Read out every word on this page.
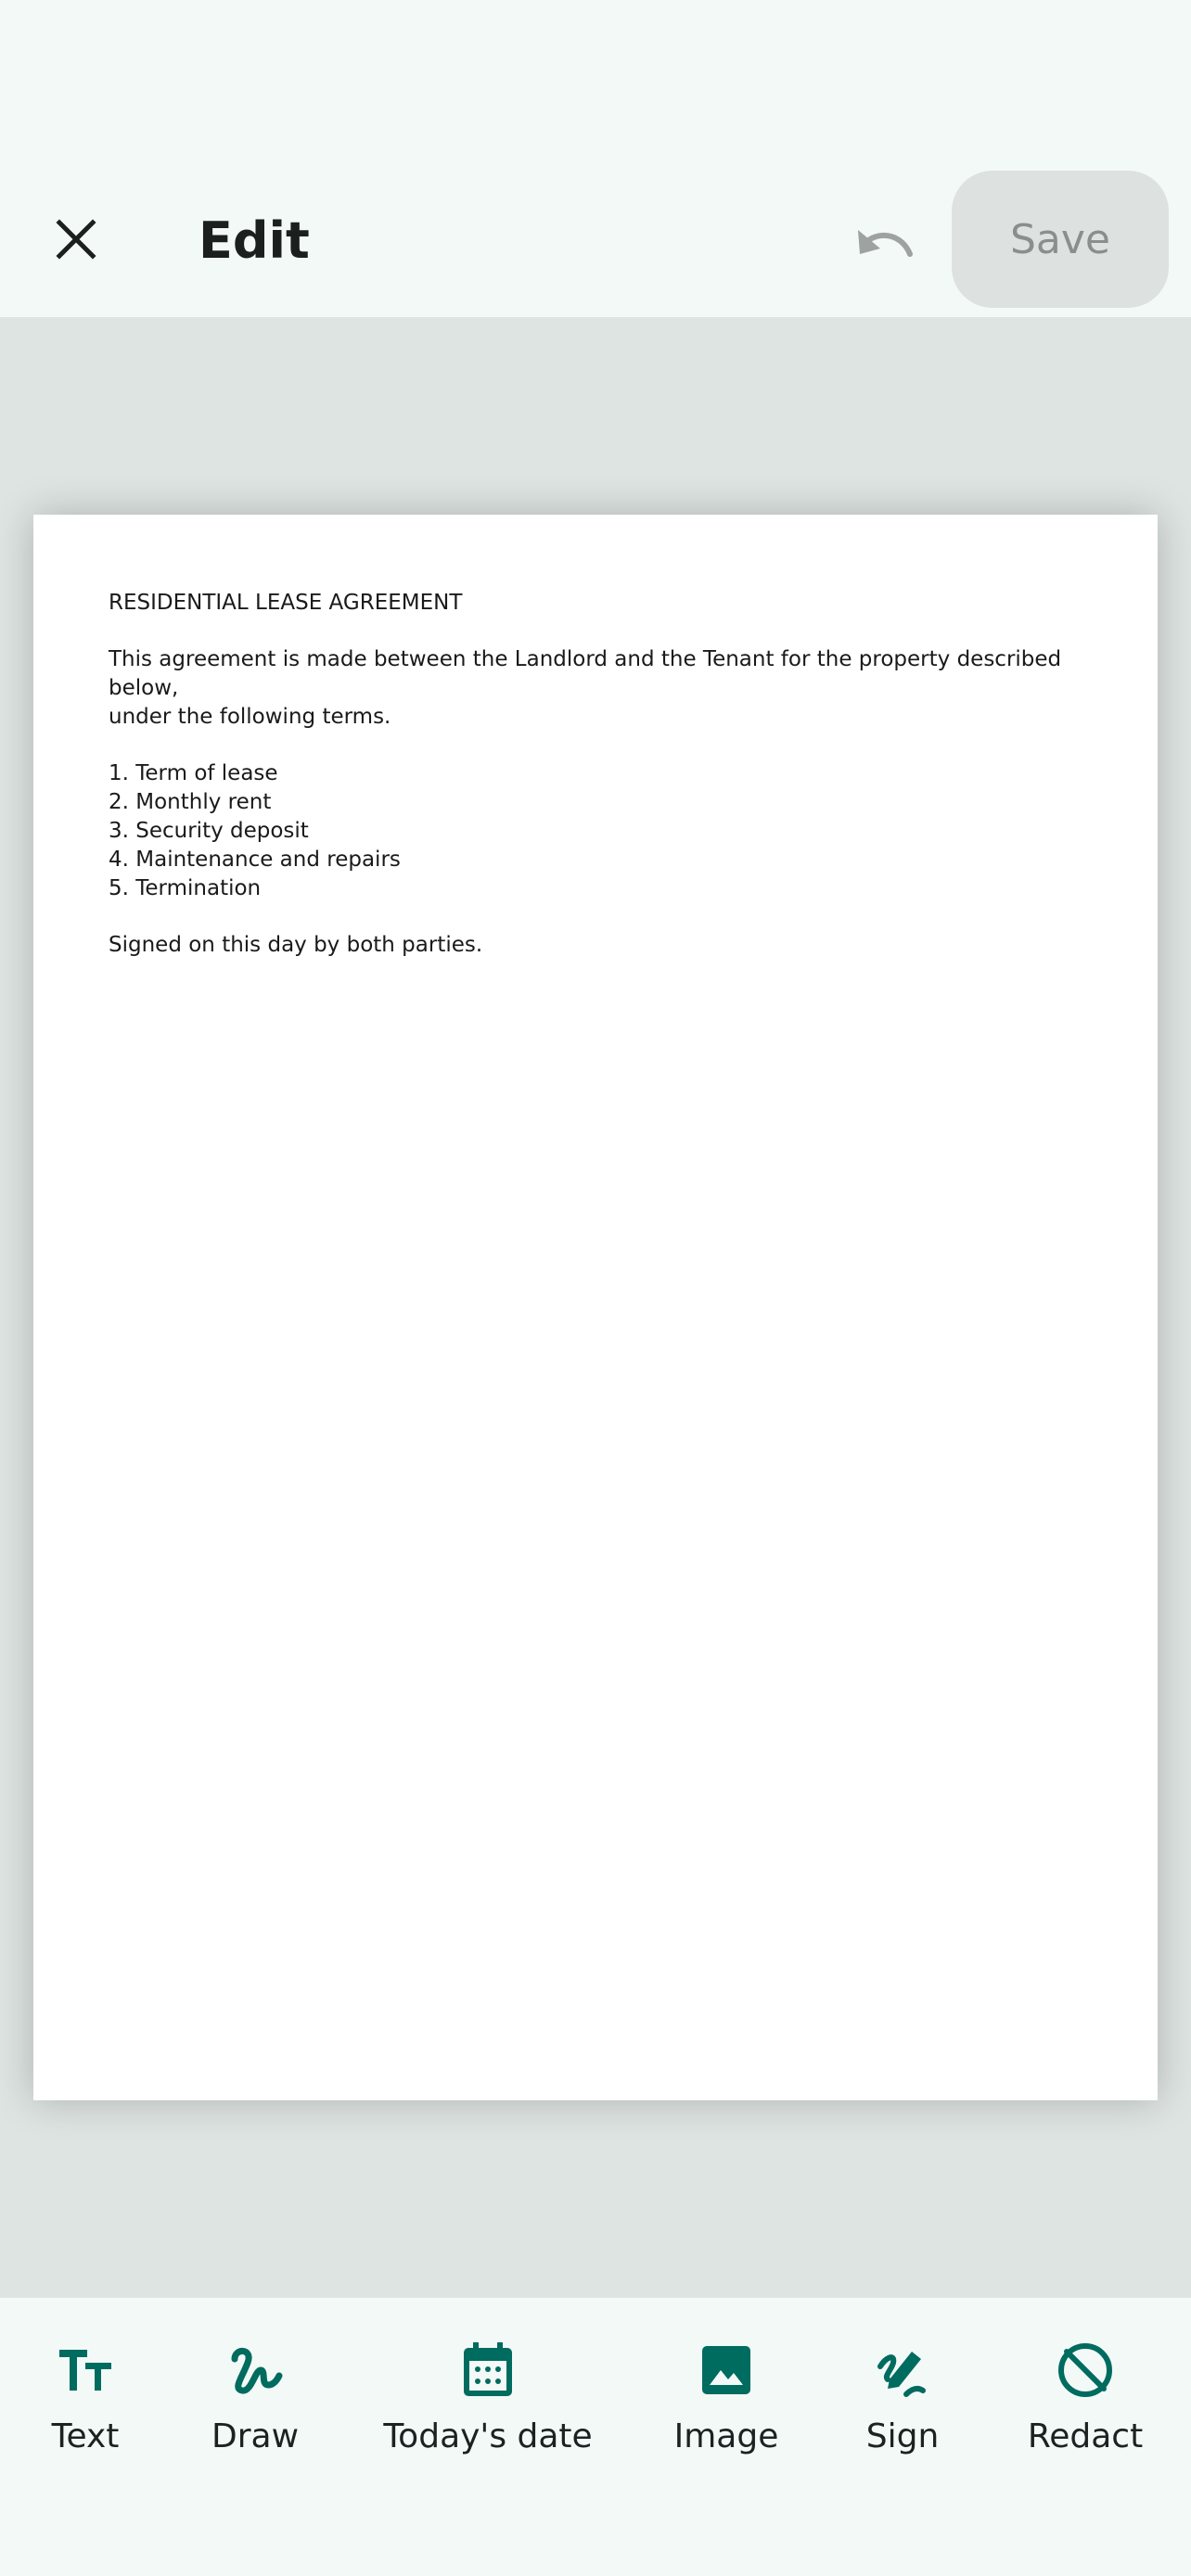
Edit	Save

RESIDENTIAL LEASE AGREEMENT

This agreement is made between the Landlord and the Tenant for the property described below,

under the following terms.

1. Term of lease

2. Monthly rent

3. Security deposit

4. Maintenance and repairs

5. Termination

Signed on this day by both parties.

Text	Draw	Today's date Image	Sign	Redact
